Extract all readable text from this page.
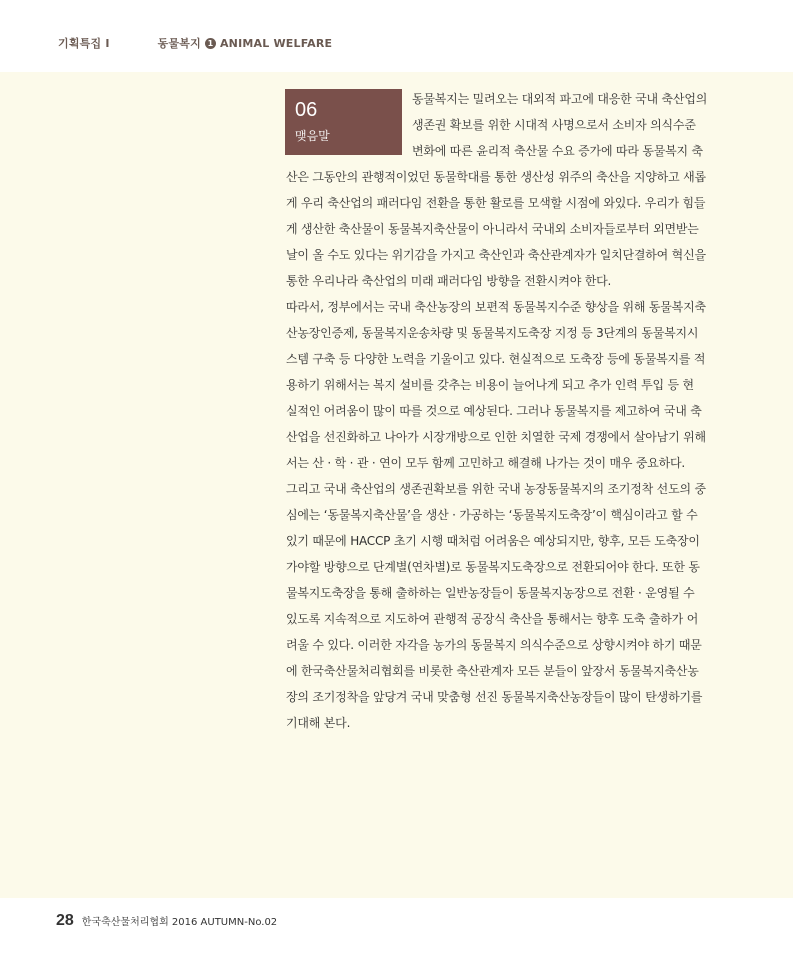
기획특집 I	동물복지 1 ANIMAL WELFARE
06
맺음말
동물복지는 밀려오는 대외적 파고에 대응한 국내 축산업의
생존권 확보를 위한 시대적 사명으로서 소비자 의식수준
변화에 따른 윤리적 축산물 수요 증가에 따라 동물복지 축
산은 그동안의 관행적이었던 동물학대를 통한 생산성 위주의 축산을 지양하고 새롭
게 우리 축산업의 패러다임 전환을 통한 활로를 모색할 시점에 와있다. 우리가 힘들
게 생산한 축산물이 동물복지축산물이 아니라서 국내외 소비자들로부터 외면받는
날이 올 수도 있다는 위기감을 가지고 축산인과 축산관계자가 일치단결하여 혁신을
통한 우리나라 축산업의 미래 패러다임 방향을 전환시켜야 한다.
따라서, 정부에서는 국내 축산농장의 보편적 동물복지수준 향상을 위해 동물복지축
산농장인증제, 동물복지운송차량 및 동물복지도축장 지정 등 3단계의 동물복지시
스템 구축 등 다양한 노력을 기울이고 있다. 현실적으로 도축장 등에 동물복지를 적
용하기 위해서는 복지 설비를 갖추는 비용이 늘어나게 되고 추가 인력 투입 등 현
실적인 어려움이 많이 따를 것으로 예상된다. 그러나 동물복지를 제고하여 국내 축
산업을 선진화하고 나아가 시장개방으로 인한 치열한 국제 경쟁에서 살아남기 위해
서는 산 · 학 · 관 · 연이 모두 함께 고민하고 해결해 나가는 것이 매우 중요하다.
그리고 국내 축산업의 생존권확보를 위한 국내 농장동물복지의 조기정착 선도의 중
심에는 ‘동물복지축산물’을 생산 · 가공하는 ‘동물복지도축장’이 핵심이라고 할 수
있기 때문에 HACCP 초기 시행 때처럼 어려움은 예상되지만, 향후, 모든 도축장이
가야할 방향으로 단계별(연차별)로 동물복지도축장으로 전환되어야 한다. 또한 동
물복지도축장을 통해 출하하는 일반농장들이 동물복지농장으로 전환 · 운영될 수
있도록 지속적으로 지도하여 관행적 공장식 축산을 통해서는 향후 도축 출하가 어
려울 수 있다. 이러한 자각을 농가의 동물복지 의식수준으로 상향시켜야 하기 때문
에 한국축산물처리협회를 비롯한 축산관계자 모든 분들이 앞장서 동물복지축산농
장의 조기정착을 앞당겨 국내 맞춤형 선진 동물복지축산농장들이 많이 탄생하기를
기대해 본다.
28 한국축산물처리협회 2016 AUTUMN-No.02
